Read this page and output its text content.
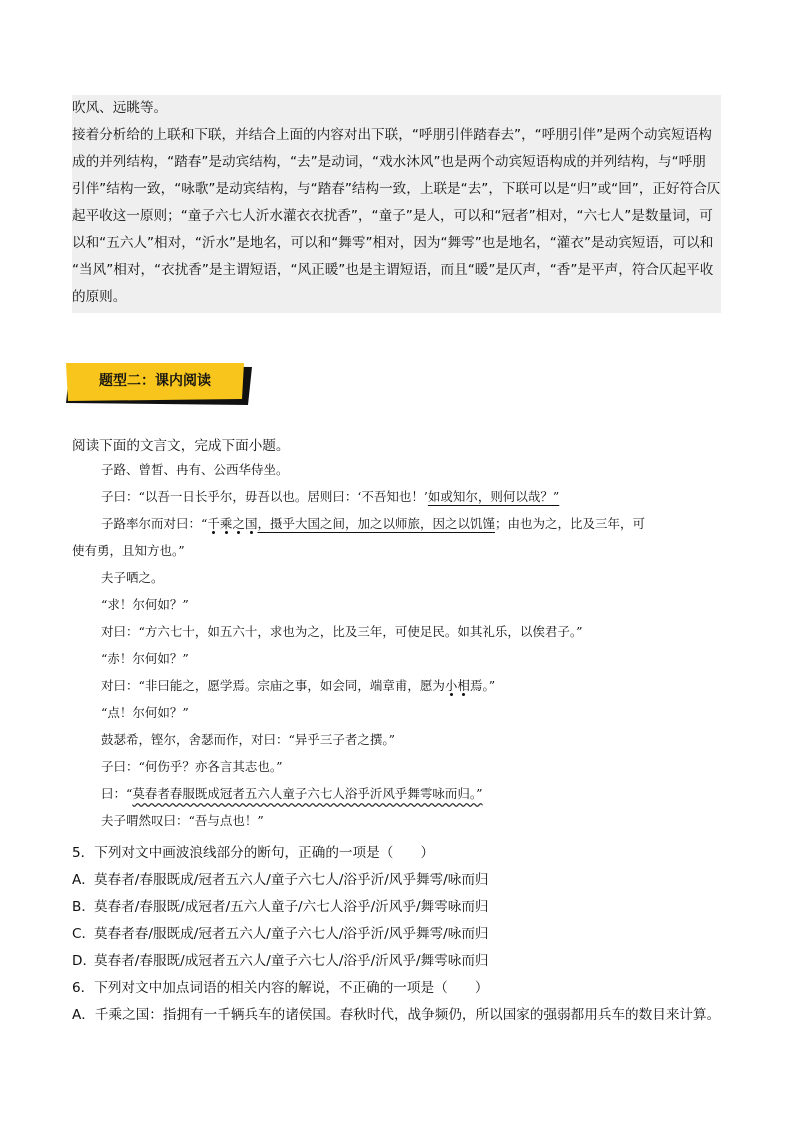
吹风、远眺等。

接着分析给的上联和下联，并结合上面的内容对出下联，“呼朋引伴踏春去”，“呼朋引伴”是两个动宾短语构

成的并列结构，“踏春”是动宾结构，“去”是动词，“戏水沐风”也是两个动宾短语构成的并列结构，与“呼朋

引伴”结构一致，“咏歌”是动宾结构，与“踏春”结构一致，上联是“去”，下联可以是“归”或“回”，正好符合仄

起平收这一原则；“童子六七人沂水灌衣衣扰香”，“童子”是人，可以和“冠者”相对，“六七人”是数量词，可

以和“五六人”相对，“沂水”是地名，可以和“舞雩”相对，因为“舞雩”也是地名，“灌衣”是动宾短语，可以和

“当风”相对，“衣扰香”是主谓短语，“风正暖”也是主谓短语，而且“暖”是仄声，“香”是平声，符合仄起平收

的原则。

题型二：课内阅读
阅读下面的文言文，完成下面小题。

子路、曾皙、冉有、公西华侍坐。

子曰：“以吾一日长乎尔，毋吾以也。居则曰：‘不吾知也！’如或知尔，则何以哉？”

子路率尔而对曰：“千乘之国，摄乎大国之间，加之以师旅，因之以饥馑；由也为之，比及三年，可

使有勇，且知方也。”

夫子哂之。

“求！尔何如？”

对曰：“方六七十，如五六十，求也为之，比及三年，可使足民。如其礼乐，以俟君子。”

“赤！尔何如？”

对曰：“非曰能之，愿学焉。宗庙之事，如会同，端章甫，愿为小相焉。”

“点！尔何如？”

鼓瑟希，铿尔，舍瑟而作，对曰：“异乎三子者之撰。”

子曰：“何伤乎？亦各言其志也。”

曰：“莫春者春服既成冠者五六人童子六七人浴乎沂风乎舞雩咏而归。”

夫子喟然叹曰：“吾与点也！”

5．下列对文中画波浪线部分的断句，正确的一项是（　　）

A．莫春者/春服既成/冠者五六人/童子六七人/浴乎沂/风乎舞雩/咏而归

B．莫春者/春服既/成冠者/五六人童子/六七人浴乎/沂风乎/舞雩咏而归

C．莫春者春/服既成/冠者五六人/童子六七人/浴乎沂/风乎舞雩/咏而归

D．莫春者/春服既/成冠者五六人/童子六七人/浴乎/沂风乎/舞雩咏而归

6．下列对文中加点词语的相关内容的解说，不正确的一项是（　　）

A．千乘之国：指拥有一千辆兵车的诸侯国。春秋时代，战争频仍，所以国家的强弱都用兵车的数目来计算。
